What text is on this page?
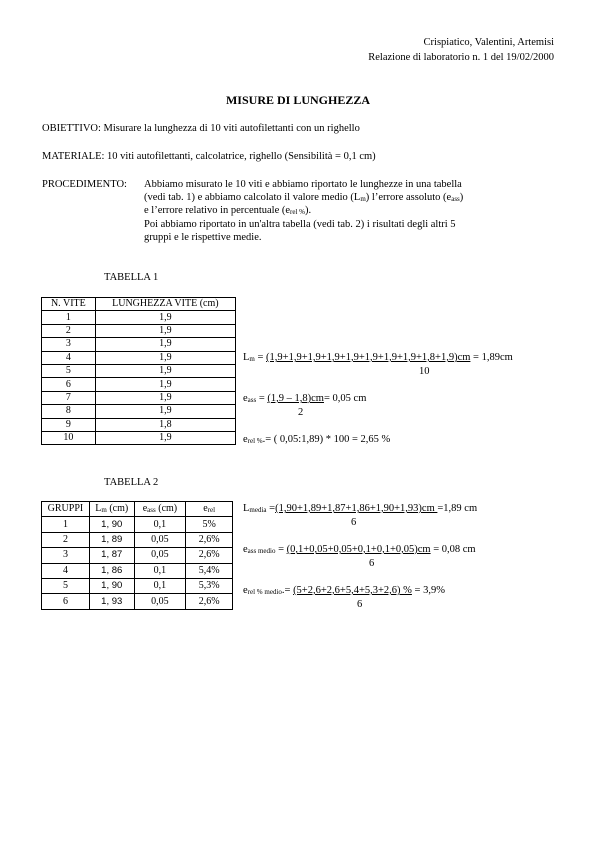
Crispiatico, Valentini, Artemisi
Relazione di laboratorio n. 1 del 19/02/2000
MISURE DI LUNGHEZZA
OBIETTIVO: Misurare la lunghezza di 10 viti autofilettanti con un righello
MATERIALE: 10 viti autofilettanti, calcolatrice, righello (Sensibilità = 0,1 cm)
PROCEDIMENTO: Abbiamo misurato le 10 viti e abbiamo riportato le lunghezze in una tabella
(vedi tab. 1) e abbiamo calcolato il valore medio $(L_m)$ l’errore assoluto $(e_{ass})$
e l’errore relativo in percentuale $(e_{rel \%})$.
Poi abbiamo riportato in un'altra tabella (vedi tab. 2) i risultati degli altri 5
gruppi e le rispettive medie.
TABELLA 1
N. VITE	LUNGHEZZA VITE (cm)
1	1,9
2	1,9
3	1,9
4	1,9
5	1,9
6	1,9
7	1,9
8	1,9
9	1,8
10	1,9
$L_m = (1,9+1,9+1,9+1,9+1,9+1,9+1,9+1,9+1,8+1,9)cm = 1,89cm$
10
$e_{ass} = (1,9 - 1,8)cm= 0,05$ cm
2
$e_{rel \%}.=$ ( 0,05:1,89) * 100 = 2,65 %
TABELLA 2
GRUPPI	$L_m$ (cm)	$e_{ass}$ (cm)	$e_{rel}$
1	1, 90	0,1	5%
2	1, 89	0,05	2,6%
3	1, 87	0,05	2,6%
4	1, 86	0,1	5,4%
5	1, 90	0,1	5,3%
6	1, 93	0,05	2,6%
$L_{media} =(1,90+1,89+1,87+1,86+1,90+1,93)cm =1,89$ cm
6
$e_{ass medio} = (0,1+0,05+0,05+0,1+0,1+0,05)cm = 0,08$ cm
6
$e_{rel \% medio}.= (5+2,6+2,6+5,4+5,3+2,6)$ % = 3,9%
6
